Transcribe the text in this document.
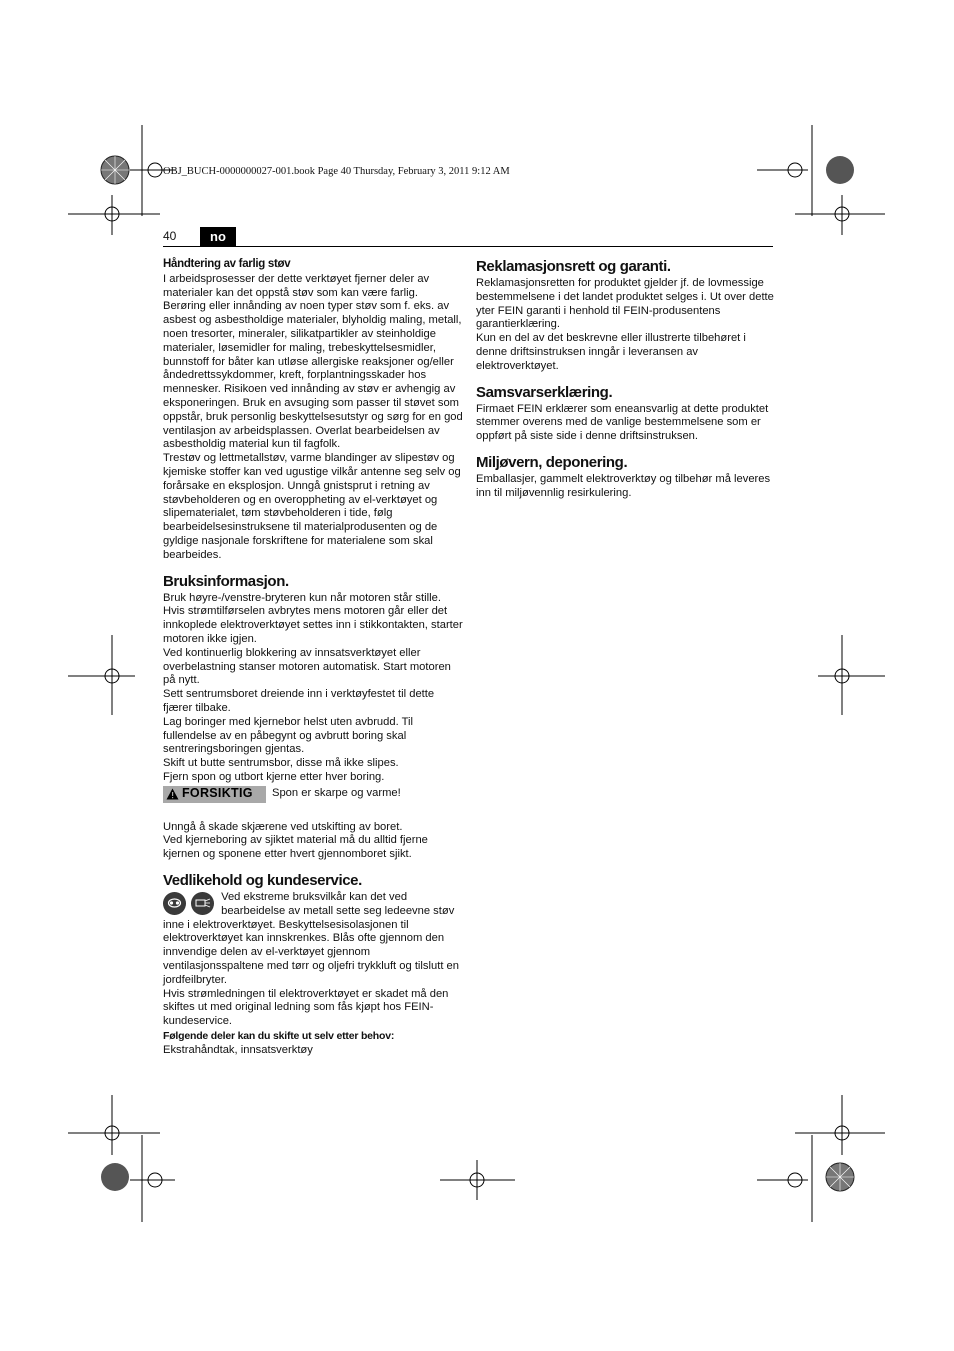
OBJ_BUCH-0000000027-001.book Page 40 Thursday, February 3, 2011 9:12 AM
40	no
Håndtering av farlig støv

I arbeidsprosesser der dette verktøyet fjerner deler av materialer kan det oppstå støv som kan være farlig. Berøring eller innånding av noen typer støv som f. eks. av asbest og asbestholdige materialer, blyholdig maling, metall, noen tresorter, mineraler, silikatpartikler av steinholdige materialer, løsemidler for maling, trebeskyttelsesmidler, bunnstoff for båter kan utløse allergiske reaksjoner og/eller åndedrettssykdommer, kreft, forplantningsskader hos mennesker. Risikoen ved innånding av støv er avhengig av eksponeringen. Bruk en avsuging som passer til støvet som oppstår, bruk personlig beskyttelsesutstyr og sørg for en god ventilasjon av arbeidsplassen. Overlat bearbeidelsen av asbestholdig material kun til fagfolk.

Trestøv og lettmetallstøv, varme blandinger av slipestøv og kjemiske stoffer kan ved ugustige vilkår antenne seg selv og forårsake en eksplosjon. Unngå gnistsprut i retning av støvbeholderen og en overoppheting av el-verktøyet og slipematerialet, tøm støvbeholderen i tide, følg bearbeidelsesinstruksene til materialprodusenten og de gyldige nasjonale forskriftene for materialene som skal bearbeides.

Bruksinformasjon.

Bruk høyre-/venstre-bryteren kun når motoren står stille.

Hvis strømtilførselen avbrytes mens motoren går eller det innkoplede elektroverktøyet settes inn i stikkontakten, starter motoren ikke igjen.

Ved kontinuerlig blokkering av innsatsverktøyet eller overbelastning stanser motoren automatisk. Start motoren på nytt.

Sett sentrumsboret dreiende inn i verktøyfestet til dette fjærer tilbake.

Lag boringer med kjernebor helst uten avbrudd. Til fullendelse av en påbegynt og avbrutt boring skal sentreringsboringen gjentas.

Skift ut butte sentrumsbor, disse må ikke slipes.

Fjern spon og utbort kjerne etter hver boring.

FORSIKTIG Spon er skarpe og varme!

Unngå å skade skjærene ved utskifting av boret.

Ved kjerneboring av sjiktet material må du alltid fjerne kjernen og sponene etter hvert gjennomboret sjikt.

Vedlikehold og kundeservice.

Ved ekstreme bruksvilkår kan det ved bearbeidelse av metall sette seg ledeevne støv inne i elektroverktøyet. Beskyttelsesisolasjonen til elektroverktøyet kan innskrenkes. Blås ofte gjennom den innvendige delen av el-verktøyet gjennom ventilasjonsspaltene med tørr og oljefri trykkluft og tilslutt en jordfeilbryter.

Hvis strømledningen til elektroverktøyet er skadet må den skiftes ut med original ledning som fås kjøpt hos FEIN-kundeservice.

Følgende deler kan du skifte ut selv etter behov:

Ekstrahåndtak, innsatsverktøy

Reklamasjonsrett og garanti.

Reklamasjonsretten for produktet gjelder jf. de lovmessige bestemmelsene i det landet produktet selges i. Ut over dette yter FEIN garanti i henhold til FEIN-produsentens garantierklæring.

Kun en del av det beskrevne eller illustrerte tilbehøret i denne driftsinstruksen inngår i leveransen av elektroverktøyet.

Samsvarserklæring.

Firmaet FEIN erklærer som eneansvarlig at dette produktet stemmer overens med de vanlige bestemmelsene som er oppført på siste side i denne driftsinstruksen.

Miljøvern, deponering.

Emballasjer, gammelt elektroverktøy og tilbehør må leveres inn til miljøvennlig resirkulering.
